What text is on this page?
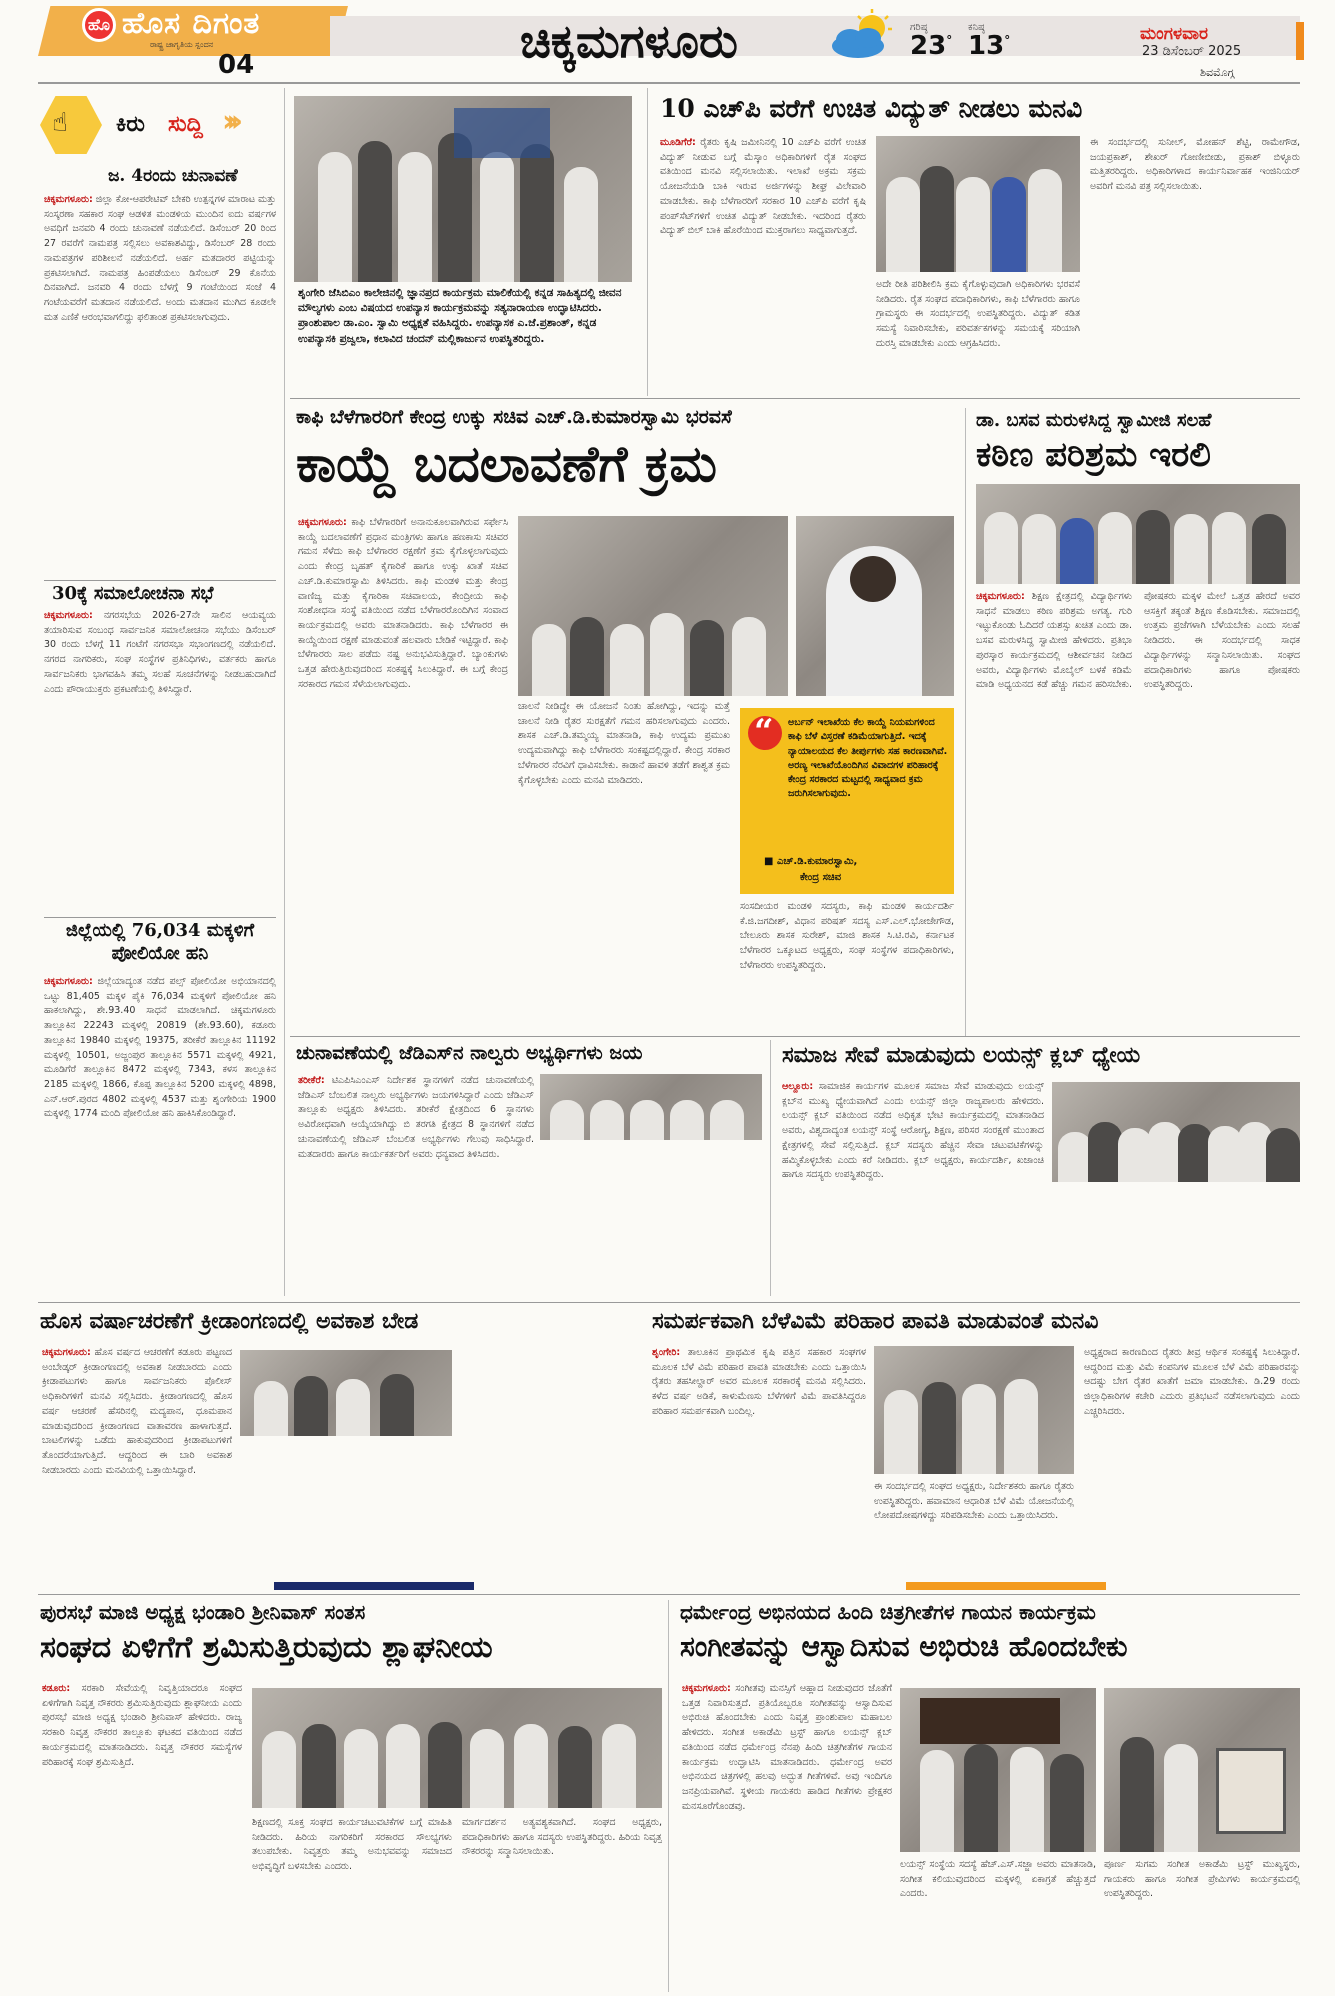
ಹೊ ಹೊಸ ದಿಗಂತ
ರಾಷ್ಟ್ರ ಜಾಗೃತಿಯ ಸ್ಪಂದನ
04	ಚಿಕ್ಕಮಗಳೂರು	ಗರಿಷ್ಠ
23°
ಕನಿಷ್ಠ
13°	ಮಂಗಳವಾರ
23 ಡಿಸೆಂಬರ್ 2025
ಶಿವಮೊಗ್ಗ
☝ ಕಿರು ಸುದ್ದಿ ›››
ಜ. 4ರಂದು ಚುನಾವಣೆ
ಚಿಕ್ಕಮಗಳೂರು: ಜಿಲ್ಲಾ ಕೋ-ಆಪರೇಟಿವ್ ಬೇಕರಿ ಉತ್ಪನ್ನಗಳ ಮಾರಾಟ ಮತ್ತು ಸಂಸ್ಕರಣಾ ಸಹಕಾರ ಸಂಘ ಆಡಳಿತ ಮಂಡಳಿಯ ಮುಂದಿನ ಐದು ವರ್ಷಗಳ ಅವಧಿಗೆ ಜನವರಿ 4 ರಂದು ಚುನಾವಣೆ ನಡೆಯಲಿದೆ. ಡಿಸೆಂಬರ್ 20 ರಿಂದ 27 ರವರೆಗೆ ನಾಮಪತ್ರ ಸಲ್ಲಿಸಲು ಅವಕಾಶವಿದ್ದು, ಡಿಸೆಂಬರ್ 28 ರಂದು ನಾಮಪತ್ರಗಳ ಪರಿಶೀಲನೆ ನಡೆಯಲಿದೆ. ಅರ್ಹ ಮತದಾರರ ಪಟ್ಟಿಯನ್ನು ಪ್ರಕಟಿಸಲಾಗಿದೆ. ನಾಮಪತ್ರ ಹಿಂಪಡೆಯಲು ಡಿಸೆಂಬರ್ 29 ಕೊನೆಯ ದಿನವಾಗಿದೆ. ಜನವರಿ 4 ರಂದು ಬೆಳಗ್ಗೆ 9 ಗಂಟೆಯಿಂದ ಸಂಜೆ 4 ಗಂಟೆಯವರೆಗೆ ಮತದಾನ ನಡೆಯಲಿದೆ. ಅಂದು ಮತದಾನ ಮುಗಿದ ಕೂಡಲೇ ಮತ ಎಣಿಕೆ ಆರಂಭವಾಗಲಿದ್ದು ಫಲಿತಾಂಶ ಪ್ರಕಟಿಸಲಾಗುವುದು.
30ಕ್ಕೆ ಸಮಾಲೋಚನಾ ಸಭೆ
ಚಿಕ್ಕಮಗಳೂರು: ನಗರಸಭೆಯ 2026-27ನೇ ಸಾಲಿನ ಆಯವ್ಯಯ ತಯಾರಿಸುವ ಸಂಬಂಧ ಸಾರ್ವಜನಿಕ ಸಮಾಲೋಚನಾ ಸಭೆಯು ಡಿಸೆಂಬರ್ 30 ರಂದು ಬೆಳಗ್ಗೆ 11 ಗಂಟೆಗೆ ನಗರಸಭಾ ಸಭಾಂಗಣದಲ್ಲಿ ನಡೆಯಲಿದೆ. ನಗರದ ನಾಗರಿಕರು, ಸಂಘ ಸಂಸ್ಥೆಗಳ ಪ್ರತಿನಿಧಿಗಳು, ವರ್ತಕರು ಹಾಗೂ ಸಾರ್ವಜನಿಕರು ಭಾಗವಹಿಸಿ ತಮ್ಮ ಸಲಹೆ ಸೂಚನೆಗಳನ್ನು ನೀಡಬಹುದಾಗಿದೆ ಎಂದು ಪೌರಾಯುಕ್ತರು ಪ್ರಕಟಣೆಯಲ್ಲಿ ತಿಳಿಸಿದ್ದಾರೆ.
ಜಿಲ್ಲೆಯಲ್ಲಿ 76,034 ಮಕ್ಕಳಿಗೆ ಪೋಲಿಯೋ ಹನಿ
ಚಿಕ್ಕಮಗಳೂರು: ಜಿಲ್ಲೆಯಾದ್ಯಂತ ನಡೆದ ಪಲ್ಸ್ ಪೋಲಿಯೋ ಅಭಿಯಾನದಲ್ಲಿ ಒಟ್ಟು 81,405 ಮಕ್ಕಳ ಪೈಕಿ 76,034 ಮಕ್ಕಳಿಗೆ ಪೋಲಿಯೋ ಹನಿ ಹಾಕಲಾಗಿದ್ದು, ಶೇ.93.40 ಸಾಧನೆ ಮಾಡಲಾಗಿದೆ. ಚಿಕ್ಕಮಗಳೂರು ತಾಲ್ಲೂಕಿನ 22243 ಮಕ್ಕಳಲ್ಲಿ 20819 (ಶೇ.93.60), ಕಡೂರು ತಾಲ್ಲೂಕಿನ 19840 ಮಕ್ಕಳಲ್ಲಿ 19375, ತರೀಕೆರೆ ತಾಲ್ಲೂಕಿನ 11192 ಮಕ್ಕಳಲ್ಲಿ 10501, ಅಜ್ಜಂಪುರ ತಾಲ್ಲೂಕಿನ 5571 ಮಕ್ಕಳಲ್ಲಿ 4921, ಮೂಡಿಗೆರೆ ತಾಲ್ಲೂಕಿನ 8472 ಮಕ್ಕಳಲ್ಲಿ 7343, ಕಳಸ ತಾಲ್ಲೂಕಿನ 2185 ಮಕ್ಕಳಲ್ಲಿ 1866, ಕೊಪ್ಪ ತಾಲ್ಲೂಕಿನ 5200 ಮಕ್ಕಳಲ್ಲಿ 4898, ಎನ್.ಆರ್.ಪುರದ 4802 ಮಕ್ಕಳಲ್ಲಿ 4537 ಮತ್ತು ಶೃಂಗೇರಿಯ 1900 ಮಕ್ಕಳಲ್ಲಿ 1774 ಮಂದಿ ಪೋಲಿಯೋ ಹನಿ ಹಾಕಿಸಿಕೊಂಡಿದ್ದಾರೆ.
ಶೃಂಗೇರಿ ಜೆಸಿಬಿಎಂ ಕಾಲೇಜಿನಲ್ಲಿ ಜ್ಞಾನಪ್ರದ ಕಾರ್ಯಕ್ರಮ ಮಾಲಿಕೆಯಲ್ಲಿ ಕನ್ನಡ ಸಾಹಿತ್ಯದಲ್ಲಿ ಜೀವನ ಮೌಲ್ಯಗಳು ಎಂಬ ವಿಷಯದ ಉಪನ್ಯಾಸ ಕಾರ್ಯಕ್ರಮವನ್ನು ಸತ್ಯನಾರಾಯಣ ಉದ್ಘಾಟಿಸಿದರು. ಪ್ರಾಂಶುಪಾಲ ಡಾ.ಎಂ. ಸ್ವಾಮಿ ಅಧ್ಯಕ್ಷತೆ ವಹಿಸಿದ್ದರು. ಉಪನ್ಯಾಸಕ ಎ.ಜೆ.ಪ್ರಶಾಂತ್, ಕನ್ನಡ ಉಪನ್ಯಾಸಕಿ ಪ್ರಜ್ವಲಾ, ಕಲಾವಿದ ಚಂದನ್ ಮಲ್ಲಿಕಾರ್ಜುನ ಉಪಸ್ಥಿತರಿದ್ದರು.
10 ಎಚ್‌ಪಿ ವರೆಗೆ ಉಚಿತ ವಿದ್ಯುತ್ ನೀಡಲು ಮನವಿ
ಮೂಡಿಗೆರೆ: ರೈತರು ಕೃಷಿ ಜಮೀನಿನಲ್ಲಿ 10 ಎಚ್‌ಪಿ ವರೆಗೆ ಉಚಿತ ವಿದ್ಯುತ್ ನೀಡುವ ಬಗ್ಗೆ ಮೆಸ್ಕಾಂ ಅಧಿಕಾರಿಗಳಿಗೆ ರೈತ ಸಂಘದ ವತಿಯಿಂದ ಮನವಿ ಸಲ್ಲಿಸಲಾಯಿತು. ಇಲಾಖೆ ಅಕ್ರಮ ಸಕ್ರಮ ಯೋಜನೆಯಡಿ ಬಾಕಿ ಇರುವ ಅರ್ಜಿಗಳನ್ನು ಶೀಘ್ರ ವಿಲೇವಾರಿ ಮಾಡಬೇಕು. ಕಾಫಿ ಬೆಳೆಗಾರರಿಗೆ ಸರಕಾರ 10 ಎಚ್‌ಪಿ ವರೆಗೆ ಕೃಷಿ ಪಂಪ್‌ಸೆಟ್‌ಗಳಿಗೆ ಉಚಿತ ವಿದ್ಯುತ್ ನೀಡಬೇಕು. ಇದರಿಂದ ರೈತರು ವಿದ್ಯುತ್ ಬಿಲ್ ಬಾಕಿ ಹೊರೆಯಿಂದ ಮುಕ್ತರಾಗಲು ಸಾಧ್ಯವಾಗುತ್ತದೆ.
ಅದೇ ರೀತಿ ಪರಿಶೀಲಿಸಿ ಕ್ರಮ ಕೈಗೊಳ್ಳುವುದಾಗಿ ಅಧಿಕಾರಿಗಳು ಭರವಸೆ ನೀಡಿದರು. ರೈತ ಸಂಘದ ಪದಾಧಿಕಾರಿಗಳು, ಕಾಫಿ ಬೆಳೆಗಾರರು ಹಾಗೂ ಗ್ರಾಮಸ್ಥರು ಈ ಸಂದರ್ಭದಲ್ಲಿ ಉಪಸ್ಥಿತರಿದ್ದರು. ವಿದ್ಯುತ್ ಕಡಿತ ಸಮಸ್ಯೆ ನಿವಾರಿಸಬೇಕು, ಪರಿವರ್ತಕಗಳನ್ನು ಸಮಯಕ್ಕೆ ಸರಿಯಾಗಿ ದುರಸ್ತಿ ಮಾಡಬೇಕು ಎಂದು ಆಗ್ರಹಿಸಿದರು.
ಈ ಸಂದರ್ಭದಲ್ಲಿ ಸುನೀಲ್, ಮೋಹನ್ ಶೆಟ್ಟಿ, ರಾಮೇಗೌಡ, ಜಯಪ್ರಕಾಶ್, ಶೇಖರ್ ಗೋಣೀಬೀಡು, ಪ್ರಕಾಶ್ ಬಿಳ್ಳೂರು ಮತ್ತಿತರರಿದ್ದರು. ಅಧಿಕಾರಿಗಳಾದ ಕಾರ್ಯನಿರ್ವಾಹಕ ಇಂಜಿನಿಯರ್ ಅವರಿಗೆ ಮನವಿ ಪತ್ರ ಸಲ್ಲಿಸಲಾಯಿತು.
ಕಾಫಿ ಬೆಳೆಗಾರರಿಗೆ ಕೇಂದ್ರ ಉಕ್ಕು ಸಚಿವ ಎಚ್.ಡಿ.ಕುಮಾರಸ್ವಾಮಿ ಭರವಸೆ
ಕಾಯ್ದೆ ಬದಲಾವಣೆಗೆ ಕ್ರಮ
ಚಿಕ್ಕಮಗಳೂರು: ಕಾಫಿ ಬೆಳೆಗಾರರಿಗೆ ಅನಾನುಕೂಲವಾಗಿರುವ ಸರ್ಫೇಸಿ ಕಾಯ್ದೆ ಬದಲಾವಣೆಗೆ ಪ್ರಧಾನ ಮಂತ್ರಿಗಳು ಹಾಗೂ ಹಣಕಾಸು ಸಚಿವರ ಗಮನ ಸೆಳೆದು ಕಾಫಿ ಬೆಳೆಗಾರರ ರಕ್ಷಣೆಗೆ ಕ್ರಮ ಕೈಗೊಳ್ಳಲಾಗುವುದು ಎಂದು ಕೇಂದ್ರ ಬೃಹತ್ ಕೈಗಾರಿಕೆ ಹಾಗೂ ಉಕ್ಕು ಖಾತೆ ಸಚಿವ ಎಚ್.ಡಿ.ಕುಮಾರಸ್ವಾಮಿ ತಿಳಿಸಿದರು. ಕಾಫಿ ಮಂಡಳಿ ಮತ್ತು ಕೇಂದ್ರ ವಾಣಿಜ್ಯ ಮತ್ತು ಕೈಗಾರಿಕಾ ಸಚಿವಾಲಯ, ಕೇಂದ್ರೀಯ ಕಾಫಿ ಸಂಶೋಧನಾ ಸಂಸ್ಥೆ ವತಿಯಿಂದ ನಡೆದ ಬೆಳೆಗಾರರೊಂದಿಗಿನ ಸಂವಾದ ಕಾರ್ಯಕ್ರಮದಲ್ಲಿ ಅವರು ಮಾತನಾಡಿದರು. ಕಾಫಿ ಬೆಳೆಗಾರರ ಈ ಕಾಯ್ದೆಯಿಂದ ರಕ್ಷಣೆ ಮಾಡುವಂತೆ ಹಲವಾರು ಬೇಡಿಕೆ ಇಟ್ಟಿದ್ದಾರೆ. ಕಾಫಿ ಬೆಳೆಗಾರರು ಸಾಲ ಪಡೆದು ನಷ್ಟ ಅನುಭವಿಸುತ್ತಿದ್ದಾರೆ. ಬ್ಯಾಂಕುಗಳು ಒತ್ತಡ ಹೇರುತ್ತಿರುವುದರಿಂದ ಸಂಕಷ್ಟಕ್ಕೆ ಸಿಲುಕಿದ್ದಾರೆ. ಈ ಬಗ್ಗೆ ಕೇಂದ್ರ ಸರಕಾರದ ಗಮನ ಸೆಳೆಯಲಾಗುವುದು.
ಚಾಲನೆ ನೀಡಿದ್ದೇ ಈ ಯೋಜನೆ ನಿಂತು ಹೋಗಿದ್ದು, ಇದನ್ನು ಮತ್ತೆ ಚಾಲನೆ ನೀಡಿ ರೈತರ ಸುರಕ್ಷತೆಗೆ ಗಮನ ಹರಿಸಲಾಗುವುದು ಎಂದರು. ಶಾಸಕ ಎಚ್.ಡಿ.ತಮ್ಮಯ್ಯ ಮಾತನಾಡಿ, ಕಾಫಿ ಉದ್ಯಮ ಪ್ರಮುಖ ಉದ್ಯಮವಾಗಿದ್ದು ಕಾಫಿ ಬೆಳೆಗಾರರು ಸಂಕಷ್ಟದಲ್ಲಿದ್ದಾರೆ. ಕೇಂದ್ರ ಸರಕಾರ ಬೆಳೆಗಾರರ ನೆರವಿಗೆ ಧಾವಿಸಬೇಕು. ಕಾಡಾನೆ ಹಾವಳಿ ತಡೆಗೆ ಶಾಶ್ವತ ಕ್ರಮ ಕೈಗೊಳ್ಳಬೇಕು ಎಂದು ಮನವಿ ಮಾಡಿದರು.
“ ಅರ್ಬನ್ ಇಲಾಖೆಯ ಕೆಲ ಕಾಯ್ದೆ ನಿಯಮಗಳಿಂದ ಕಾಫಿ ಬೆಳೆ ವಿಸ್ತರಣೆ ಕಡಿಮೆಯಾಗುತ್ತಿದೆ. ಇದಕ್ಕೆ ನ್ಯಾಯಾಲಯದ ಕೆಲ ತೀರ್ಪುಗಳು ಸಹ ಕಾರಣವಾಗಿವೆ. ಅರಣ್ಯ ಇಲಾಖೆಯೊಂದಿಗಿನ ವಿವಾದಗಳ ಪರಿಹಾರಕ್ಕೆ ಕೇಂದ್ರ ಸರಕಾರದ ಮಟ್ಟದಲ್ಲಿ ಸಾಧ್ಯವಾದ ಕ್ರಮ ಜರುಗಿಸಲಾಗುವುದು.
■ ಎಚ್.ಡಿ.ಕುಮಾರಸ್ವಾಮಿ,
ಕೇಂದ್ರ ಸಚಿವ
ಸಂಸದೀಯರ ಮಂಡಳಿ ಸದಸ್ಯರು, ಕಾಫಿ ಮಂಡಳಿ ಕಾರ್ಯದರ್ಶಿ ಕೆ.ಜಿ.ಜಗದೀಶ್, ವಿಧಾನ ಪರಿಷತ್ ಸದಸ್ಯ ಎಸ್.ಎಲ್.ಭೋಜೇಗೌಡ, ಬೇಲೂರು ಶಾಸಕ ಸುರೇಶ್, ಮಾಜಿ ಶಾಸಕ ಸಿ.ಟಿ.ರವಿ, ಕರ್ನಾಟಕ ಬೆಳೆಗಾರರ ಒಕ್ಕೂಟದ ಅಧ್ಯಕ್ಷರು, ಸಂಘ ಸಂಸ್ಥೆಗಳ ಪದಾಧಿಕಾರಿಗಳು, ಬೆಳೆಗಾರರು ಉಪಸ್ಥಿತರಿದ್ದರು.
ಡಾ. ಬಸವ ಮರುಳಸಿದ್ದ ಸ್ವಾಮೀಜಿ ಸಲಹೆ
ಕಠಿಣ ಪರಿಶ್ರಮ ಇರಲಿ
ಚಿಕ್ಕಮಗಳೂರು: ಶಿಕ್ಷಣ ಕ್ಷೇತ್ರದಲ್ಲಿ ವಿದ್ಯಾರ್ಥಿಗಳು ಸಾಧನೆ ಮಾಡಲು ಕಠಿಣ ಪರಿಶ್ರಮ ಅಗತ್ಯ. ಗುರಿ ಇಟ್ಟುಕೊಂಡು ಓದಿದರೆ ಯಶಸ್ಸು ಖಚಿತ ಎಂದು ಡಾ. ಬಸವ ಮರುಳಸಿದ್ದ ಸ್ವಾಮೀಜಿ ಹೇಳಿದರು. ಪ್ರತಿಭಾ ಪುರಸ್ಕಾರ ಕಾರ್ಯಕ್ರಮದಲ್ಲಿ ಆಶೀರ್ವಚನ ನೀಡಿದ ಅವರು, ವಿದ್ಯಾರ್ಥಿಗಳು ಮೊಬೈಲ್ ಬಳಕೆ ಕಡಿಮೆ ಮಾಡಿ ಅಧ್ಯಯನದ ಕಡೆ ಹೆಚ್ಚು ಗಮನ ಹರಿಸಬೇಕು. ಪೋಷಕರು ಮಕ್ಕಳ ಮೇಲೆ ಒತ್ತಡ ಹೇರದೆ ಅವರ ಆಸಕ್ತಿಗೆ ತಕ್ಕಂತೆ ಶಿಕ್ಷಣ ಕೊಡಿಸಬೇಕು. ಸಮಾಜದಲ್ಲಿ ಉತ್ತಮ ಪ್ರಜೆಗಳಾಗಿ ಬೆಳೆಯಬೇಕು ಎಂದು ಸಲಹೆ ನೀಡಿದರು. ಈ ಸಂದರ್ಭದಲ್ಲಿ ಸಾಧಕ ವಿದ್ಯಾರ್ಥಿಗಳನ್ನು ಸನ್ಮಾನಿಸಲಾಯಿತು. ಸಂಘದ ಪದಾಧಿಕಾರಿಗಳು ಹಾಗೂ ಪೋಷಕರು ಉಪಸ್ಥಿತರಿದ್ದರು.
ಚುನಾವಣೆಯಲ್ಲಿ ಜೆಡಿಎಸ್‌ನ ನಾಲ್ವರು ಅಭ್ಯರ್ಥಿಗಳು ಜಯ
ತರೀಕೆರೆ: ಟಿಎಪಿಸಿಎಂಎಸ್ ನಿರ್ದೇಶಕ ಸ್ಥಾನಗಳಿಗೆ ನಡೆದ ಚುನಾವಣೆಯಲ್ಲಿ ಜೆಡಿಎಸ್ ಬೆಂಬಲಿತ ನಾಲ್ವರು ಅಭ್ಯರ್ಥಿಗಳು ಜಯಗಳಿಸಿದ್ದಾರೆ ಎಂದು ಜೆಡಿಎಸ್ ತಾಲ್ಲೂಕು ಅಧ್ಯಕ್ಷರು ತಿಳಿಸಿದರು. ತರೀಕೆರೆ ಕ್ಷೇತ್ರದಿಂದ 6 ಸ್ಥಾನಗಳು ಅವಿರೋಧವಾಗಿ ಆಯ್ಕೆಯಾಗಿದ್ದು ಬಿ ತರಗತಿ ಕ್ಷೇತ್ರದ 8 ಸ್ಥಾನಗಳಿಗೆ ನಡೆದ ಚುನಾವಣೆಯಲ್ಲಿ ಜೆಡಿಎಸ್ ಬೆಂಬಲಿತ ಅಭ್ಯರ್ಥಿಗಳು ಗೆಲುವು ಸಾಧಿಸಿದ್ದಾರೆ. ಮತದಾರರು ಹಾಗೂ ಕಾರ್ಯಕರ್ತರಿಗೆ ಅವರು ಧನ್ಯವಾದ ತಿಳಿಸಿದರು.
ಸಮಾಜ ಸೇವೆ ಮಾಡುವುದು ಲಯನ್ಸ್ ಕ್ಲಬ್ ಧ್ಯೇಯ
ಆಲ್ದೂರು: ಸಾಮಾಜಿಕ ಕಾರ್ಯಗಳ ಮೂಲಕ ಸಮಾಜ ಸೇವೆ ಮಾಡುವುದು ಲಯನ್ಸ್ ಕ್ಲಬ್‌ನ ಮುಖ್ಯ ಧ್ಯೇಯವಾಗಿದೆ ಎಂದು ಲಯನ್ಸ್ ಜಿಲ್ಲಾ ರಾಜ್ಯಪಾಲರು ಹೇಳಿದರು. ಲಯನ್ಸ್ ಕ್ಲಬ್ ವತಿಯಿಂದ ನಡೆದ ಅಧಿಕೃತ ಭೇಟಿ ಕಾರ್ಯಕ್ರಮದಲ್ಲಿ ಮಾತನಾಡಿದ ಅವರು, ವಿಶ್ವದಾದ್ಯಂತ ಲಯನ್ಸ್ ಸಂಸ್ಥೆ ಆರೋಗ್ಯ, ಶಿಕ್ಷಣ, ಪರಿಸರ ಸಂರಕ್ಷಣೆ ಮುಂತಾದ ಕ್ಷೇತ್ರಗಳಲ್ಲಿ ಸೇವೆ ಸಲ್ಲಿಸುತ್ತಿದೆ. ಕ್ಲಬ್ ಸದಸ್ಯರು ಹೆಚ್ಚಿನ ಸೇವಾ ಚಟುವಟಿಕೆಗಳನ್ನು ಹಮ್ಮಿಕೊಳ್ಳಬೇಕು ಎಂದು ಕರೆ ನೀಡಿದರು. ಕ್ಲಬ್ ಅಧ್ಯಕ್ಷರು, ಕಾರ್ಯದರ್ಶಿ, ಖಜಾಂಚಿ ಹಾಗೂ ಸದಸ್ಯರು ಉಪಸ್ಥಿತರಿದ್ದರು.
ಹೊಸ ವರ್ಷಾಚರಣೆಗೆ ಕ್ರೀಡಾಂಗಣದಲ್ಲಿ ಅವಕಾಶ ಬೇಡ
ಚಿಕ್ಕಮಗಳೂರು: ಹೊಸ ವರ್ಷದ ಆಚರಣೆಗೆ ಕಡೂರು ಪಟ್ಟಣದ ಅಂಬೇಡ್ಕರ್ ಕ್ರೀಡಾಂಗಣದಲ್ಲಿ ಅವಕಾಶ ನೀಡಬಾರದು ಎಂದು ಕ್ರೀಡಾಪಟುಗಳು ಹಾಗೂ ಸಾರ್ವಜನಿಕರು ಪೊಲೀಸ್ ಅಧಿಕಾರಿಗಳಿಗೆ ಮನವಿ ಸಲ್ಲಿಸಿದರು. ಕ್ರೀಡಾಂಗಣದಲ್ಲಿ ಹೊಸ ವರ್ಷ ಆಚರಣೆ ಹೆಸರಿನಲ್ಲಿ ಮದ್ಯಪಾನ, ಧೂಮಪಾನ ಮಾಡುವುದರಿಂದ ಕ್ರೀಡಾಂಗಣದ ವಾತಾವರಣ ಹಾಳಾಗುತ್ತದೆ. ಬಾಟಲಿಗಳನ್ನು ಒಡೆದು ಹಾಕುವುದರಿಂದ ಕ್ರೀಡಾಪಟುಗಳಿಗೆ ತೊಂದರೆಯಾಗುತ್ತಿದೆ. ಆದ್ದರಿಂದ ಈ ಬಾರಿ ಅವಕಾಶ ನೀಡಬಾರದು ಎಂದು ಮನವಿಯಲ್ಲಿ ಒತ್ತಾಯಿಸಿದ್ದಾರೆ.
ಸಮರ್ಪಕವಾಗಿ ಬೆಳೆವಿಮೆ ಪರಿಹಾರ ಪಾವತಿ ಮಾಡುವಂತೆ ಮನವಿ
ಶೃಂಗೇರಿ: ತಾಲೂಕಿನ ಪ್ರಾಥಮಿಕ ಕೃಷಿ ಪತ್ತಿನ ಸಹಕಾರ ಸಂಘಗಳ ಮೂಲಕ ಬೆಳೆ ವಿಮೆ ಪರಿಹಾರ ಪಾವತಿ ಮಾಡಬೇಕು ಎಂದು ಒತ್ತಾಯಿಸಿ ರೈತರು ತಹಸೀಲ್ದಾರ್ ಅವರ ಮೂಲಕ ಸರಕಾರಕ್ಕೆ ಮನವಿ ಸಲ್ಲಿಸಿದರು. ಕಳೆದ ವರ್ಷ ಅಡಿಕೆ, ಕಾಳುಮೆಣಸು ಬೆಳೆಗಳಿಗೆ ವಿಮೆ ಪಾವತಿಸಿದ್ದರೂ ಪರಿಹಾರ ಸಮರ್ಪಕವಾಗಿ ಬಂದಿಲ್ಲ.
ಈ ಸಂದರ್ಭದಲ್ಲಿ ಸಂಘದ ಅಧ್ಯಕ್ಷರು, ನಿರ್ದೇಶಕರು ಹಾಗೂ ರೈತರು ಉಪಸ್ಥಿತರಿದ್ದರು. ಹವಾಮಾನ ಆಧಾರಿತ ಬೆಳೆ ವಿಮೆ ಯೋಜನೆಯಲ್ಲಿ ಲೋಪದೋಷಗಳಿದ್ದು ಸರಿಪಡಿಸಬೇಕು ಎಂದು ಒತ್ತಾಯಿಸಿದರು.
ಅಧ್ಯಕ್ಷರಾದ ಕಾರಣದಿಂದ ರೈತರು ತೀವ್ರ ಆರ್ಥಿಕ ಸಂಕಷ್ಟಕ್ಕೆ ಸಿಲುಕಿದ್ದಾರೆ. ಆದ್ದರಿಂದ ಮತ್ತು ವಿಮೆ ಕಂಪನಿಗಳ ಮೂಲಕ ಬೆಳೆ ವಿಮೆ ಪರಿಹಾರವನ್ನು ಆದಷ್ಟು ಬೇಗ ರೈತರ ಖಾತೆಗೆ ಜಮಾ ಮಾಡಬೇಕು. ಡಿ.29 ರಂದು ಜಿಲ್ಲಾಧಿಕಾರಿಗಳ ಕಚೇರಿ ಎದುರು ಪ್ರತಿಭಟನೆ ನಡೆಸಲಾಗುವುದು ಎಂದು ಎಚ್ಚರಿಸಿದರು.
ಪುರಸಭೆ ಮಾಜಿ ಅಧ್ಯಕ್ಷ ಭಂಡಾರಿ ಶ್ರೀನಿವಾಸ್ ಸಂತಸ
ಸಂಘದ ಏಳಿಗೆಗೆ ಶ್ರಮಿಸುತ್ತಿರುವುದು ಶ್ಲಾಘನೀಯ
ಕಡೂರು: ಸರಕಾರಿ ಸೇವೆಯಲ್ಲಿ ನಿವೃತ್ತಿಯಾದರೂ ಸಂಘದ ಏಳಿಗೆಗಾಗಿ ನಿವೃತ್ತ ನೌಕರರು ಶ್ರಮಿಸುತ್ತಿರುವುದು ಶ್ಲಾಘನೀಯ ಎಂದು ಪುರಸಭೆ ಮಾಜಿ ಅಧ್ಯಕ್ಷ ಭಂಡಾರಿ ಶ್ರೀನಿವಾಸ್ ಹೇಳಿದರು. ರಾಜ್ಯ ಸರಕಾರಿ ನಿವೃತ್ತ ನೌಕರರ ತಾಲ್ಲೂಕು ಘಟಕದ ವತಿಯಿಂದ ನಡೆದ ಕಾರ್ಯಕ್ರಮದಲ್ಲಿ ಮಾತನಾಡಿದರು. ನಿವೃತ್ತ ನೌಕರರ ಸಮಸ್ಯೆಗಳ ಪರಿಹಾರಕ್ಕೆ ಸಂಘ ಶ್ರಮಿಸುತ್ತಿದೆ.
ಶಿಕ್ಷಣದಲ್ಲಿ ಸೂಕ್ತ ಸಂಘದ ಕಾರ್ಯಚಟುವಟಿಕೆಗಳ ಬಗ್ಗೆ ಮಾಹಿತಿ ನೀಡಿದರು. ಹಿರಿಯ ನಾಗರಿಕರಿಗೆ ಸರಕಾರದ ಸೌಲಭ್ಯಗಳು ತಲುಪಬೇಕು. ನಿವೃತ್ತರು ತಮ್ಮ ಅನುಭವವನ್ನು ಸಮಾಜದ ಅಭಿವೃದ್ಧಿಗೆ ಬಳಸಬೇಕು ಎಂದರು.
ಮಾರ್ಗದರ್ಶನ ಅತ್ಯವಶ್ಯಕವಾಗಿದೆ. ಸಂಘದ ಅಧ್ಯಕ್ಷರು, ಪದಾಧಿಕಾರಿಗಳು ಹಾಗೂ ಸದಸ್ಯರು ಉಪಸ್ಥಿತರಿದ್ದರು. ಹಿರಿಯ ನಿವೃತ್ತ ನೌಕರರನ್ನು ಸನ್ಮಾನಿಸಲಾಯಿತು.
ಧರ್ಮೇಂದ್ರ ಅಭಿನಯದ ಹಿಂದಿ ಚಿತ್ರಗೀತೆಗಳ ಗಾಯನ ಕಾರ್ಯಕ್ರಮ
ಸಂಗೀತವನ್ನು ಆಸ್ವಾದಿಸುವ ಅಭಿರುಚಿ ಹೊಂದಬೇಕು
ಚಿಕ್ಕಮಗಳೂರು: ಸಂಗೀತವು ಮನಸ್ಸಿಗೆ ಆಹ್ಲಾದ ನೀಡುವುದರ ಜೊತೆಗೆ ಒತ್ತಡ ನಿವಾರಿಸುತ್ತದೆ. ಪ್ರತಿಯೊಬ್ಬರೂ ಸಂಗೀತವನ್ನು ಆಸ್ವಾದಿಸುವ ಅಭಿರುಚಿ ಹೊಂದಬೇಕು ಎಂದು ನಿವೃತ್ತ ಪ್ರಾಂಶುಪಾಲ ಮಹಾಬಲ ಹೇಳಿದರು. ಸಂಗೀತ ಅಕಾಡೆಮಿ ಟ್ರಸ್ಟ್ ಹಾಗೂ ಲಯನ್ಸ್ ಕ್ಲಬ್ ವತಿಯಿಂದ ನಡೆದ ಧರ್ಮೇಂದ್ರ ನೆನಪು ಹಿಂದಿ ಚಿತ್ರಗೀತೆಗಳ ಗಾಯನ ಕಾರ್ಯಕ್ರಮ ಉದ್ಘಾಟಿಸಿ ಮಾತನಾಡಿದರು. ಧರ್ಮೇಂದ್ರ ಅವರ ಅಭಿನಯದ ಚಿತ್ರಗಳಲ್ಲಿ ಹಲವು ಅದ್ಭುತ ಗೀತೆಗಳಿವೆ. ಅವು ಇಂದಿಗೂ ಜನಪ್ರಿಯವಾಗಿವೆ. ಸ್ಥಳೀಯ ಗಾಯಕರು ಹಾಡಿದ ಗೀತೆಗಳು ಪ್ರೇಕ್ಷಕರ ಮನಸೂರೆಗೊಂಡವು.
ಲಯನ್ಸ್ ಸಂಸ್ಥೆಯ ಸದಸ್ಯೆ ಹೆಚ್.ಎಸ್.ಸಜ್ಜಾ ಅವರು ಮಾತನಾಡಿ, ಸಂಗೀತ ಕಲಿಯುವುದರಿಂದ ಮಕ್ಕಳಲ್ಲಿ ಏಕಾಗ್ರತೆ ಹೆಚ್ಚುತ್ತದೆ ಎಂದರು.
ಪೂರ್ಣ ಸುಗಮ ಸಂಗೀತ ಅಕಾಡೆಮಿ ಟ್ರಸ್ಟ್ ಮುಖ್ಯಸ್ಥರು, ಗಾಯಕರು ಹಾಗೂ ಸಂಗೀತ ಪ್ರೇಮಿಗಳು ಕಾರ್ಯಕ್ರಮದಲ್ಲಿ ಉಪಸ್ಥಿತರಿದ್ದರು.
